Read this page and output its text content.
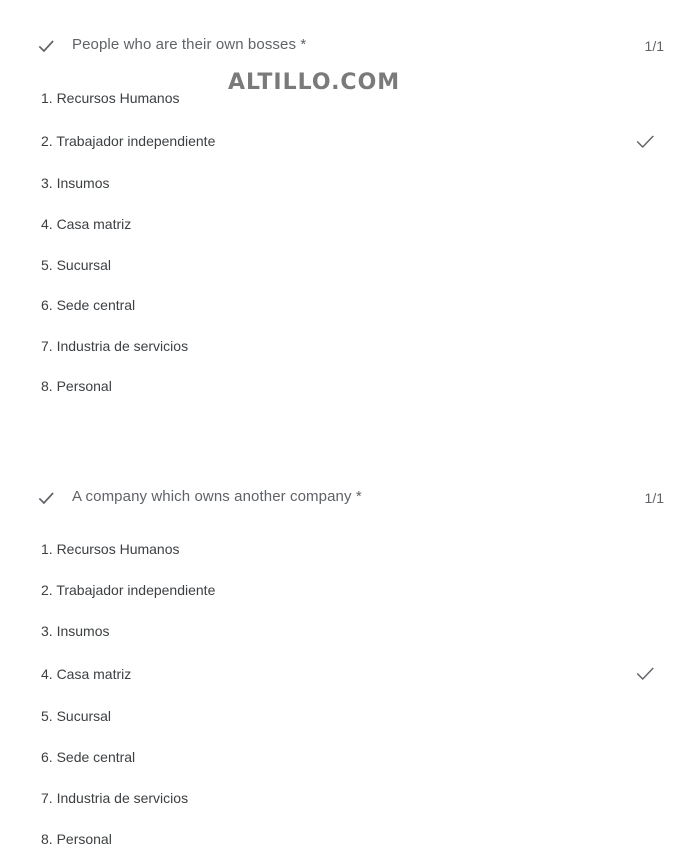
ALTILLO.COM
People who are their own bosses *	1/1
1. Recursos Humanos
2. Trabajador independiente
3. Insumos
4. Casa matriz
5. Sucursal
6. Sede central
7. Industria de servicios
8. Personal
A company which owns another company *	1/1
1. Recursos Humanos
2. Trabajador independiente
3. Insumos
4. Casa matriz
5. Sucursal
6. Sede central
7. Industria de servicios
8. Personal
